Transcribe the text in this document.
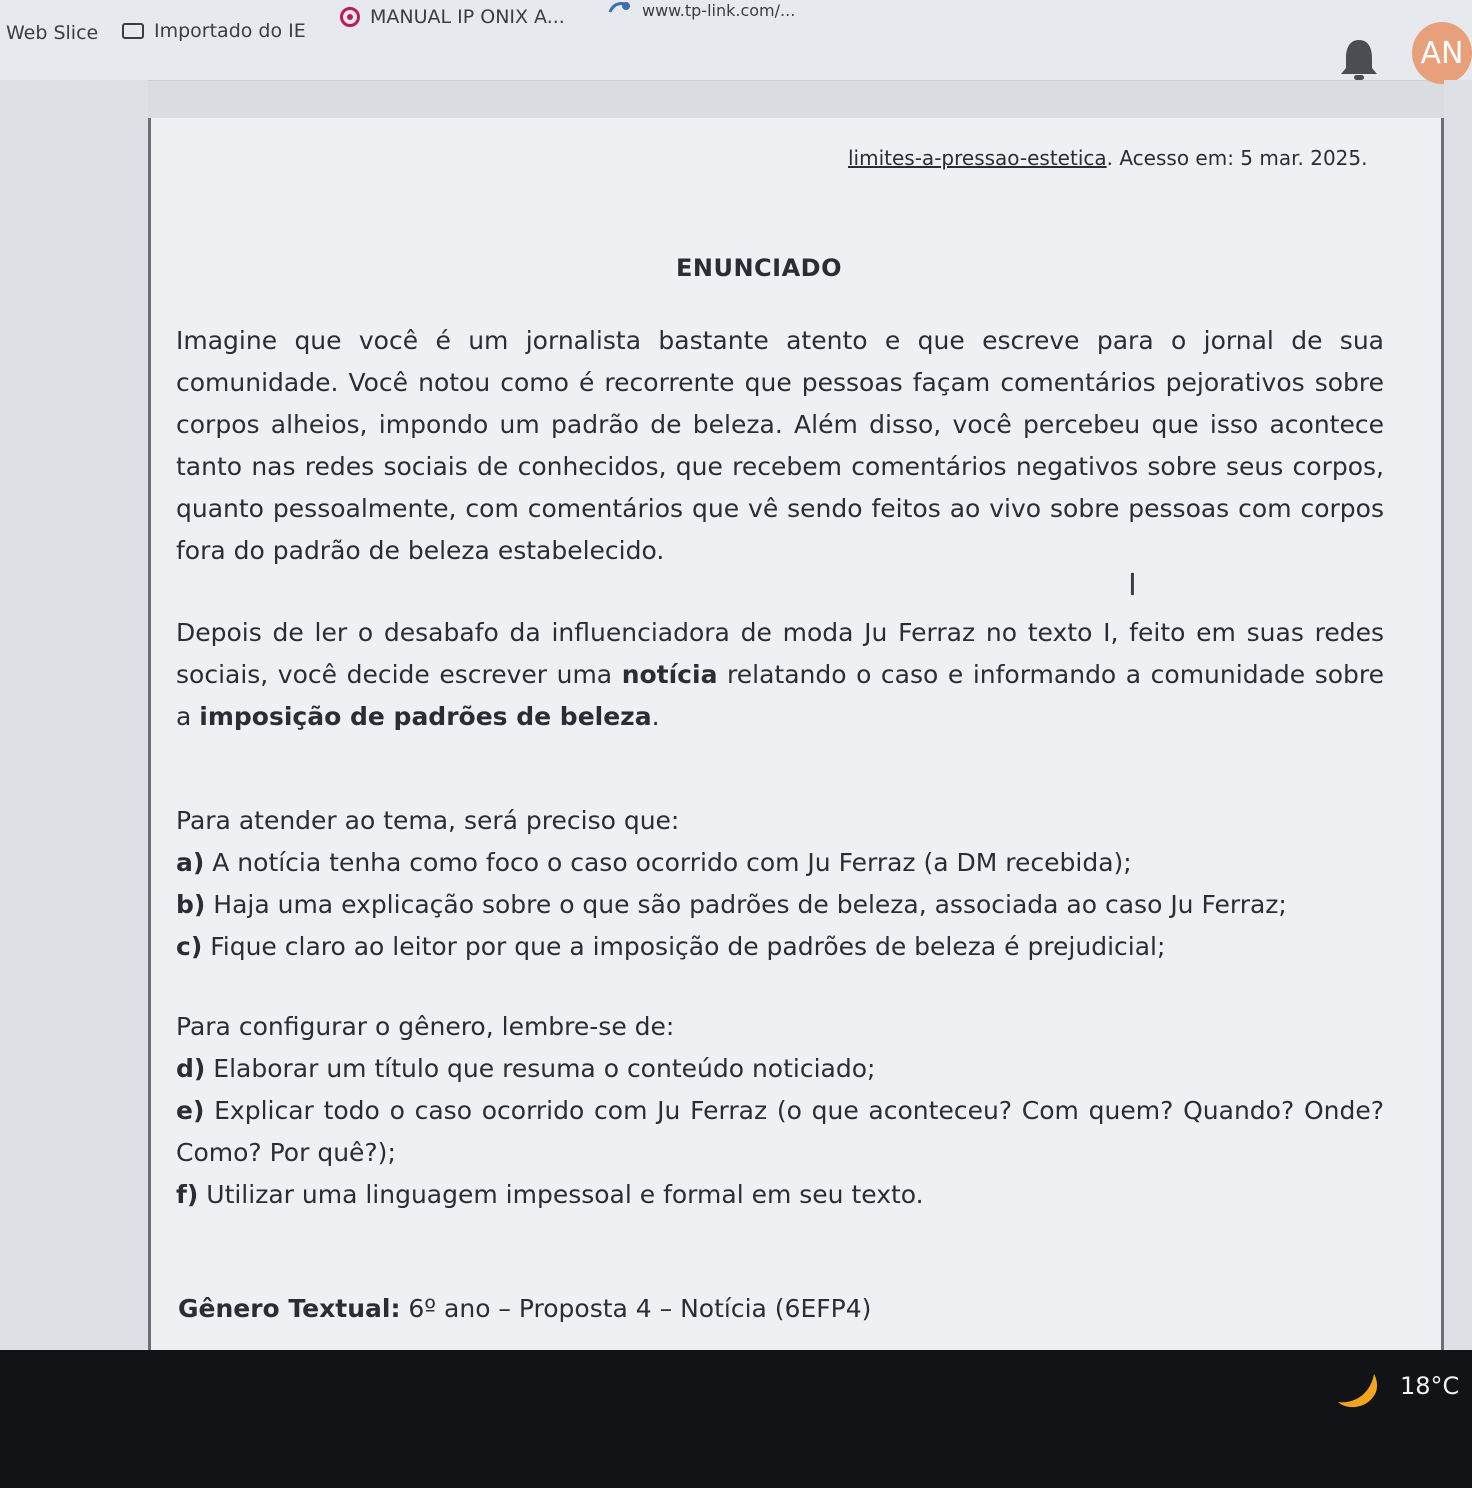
Web Slice	Importado do IE
MANUAL IP ONIX A...	www.tp-link.com/...
AN
limites-a-pressao-estetica. Acesso em: 5 mar. 2025.
ENUNCIADO

Imagine que você é um jornalista bastante atento e que escreve para o jornal de sua comunidade. Você notou como é recorrente que pessoas façam comentários pejorativos sobre corpos alheios, impondo um padrão de beleza. Além disso, você percebeu que isso acontece tanto nas redes sociais de conhecidos, que recebem comentários negativos sobre seus corpos, quanto pessoalmente, com comentários que vê sendo feitos ao vivo sobre pessoas com corpos fora do padrão de beleza estabelecido.

I

Depois de ler o desabafo da influenciadora de moda Ju Ferraz no texto I, feito em suas redes sociais, você decide escrever uma notícia relatando o caso e informando a comunidade sobre a imposição de padrões de beleza.

Para atender ao tema, será preciso que:

a) A notícia tenha como foco o caso ocorrido com Ju Ferraz (a DM recebida);

b) Haja uma explicação sobre o que são padrões de beleza, associada ao caso Ju Ferraz;

c) Fique claro ao leitor por que a imposição de padrões de beleza é prejudicial;

Para configurar o gênero, lembre-se de:

d) Elaborar um título que resuma o conteúdo noticiado;

e) Explicar todo o caso ocorrido com Ju Ferraz (o que aconteceu? Com quem? Quando? Onde? Como? Por quê?);

f) Utilizar uma linguagem impessoal e formal em seu texto.

Gênero Textual: 6º ano – Proposta 4 – Notícia (6EFP4)
18°C
